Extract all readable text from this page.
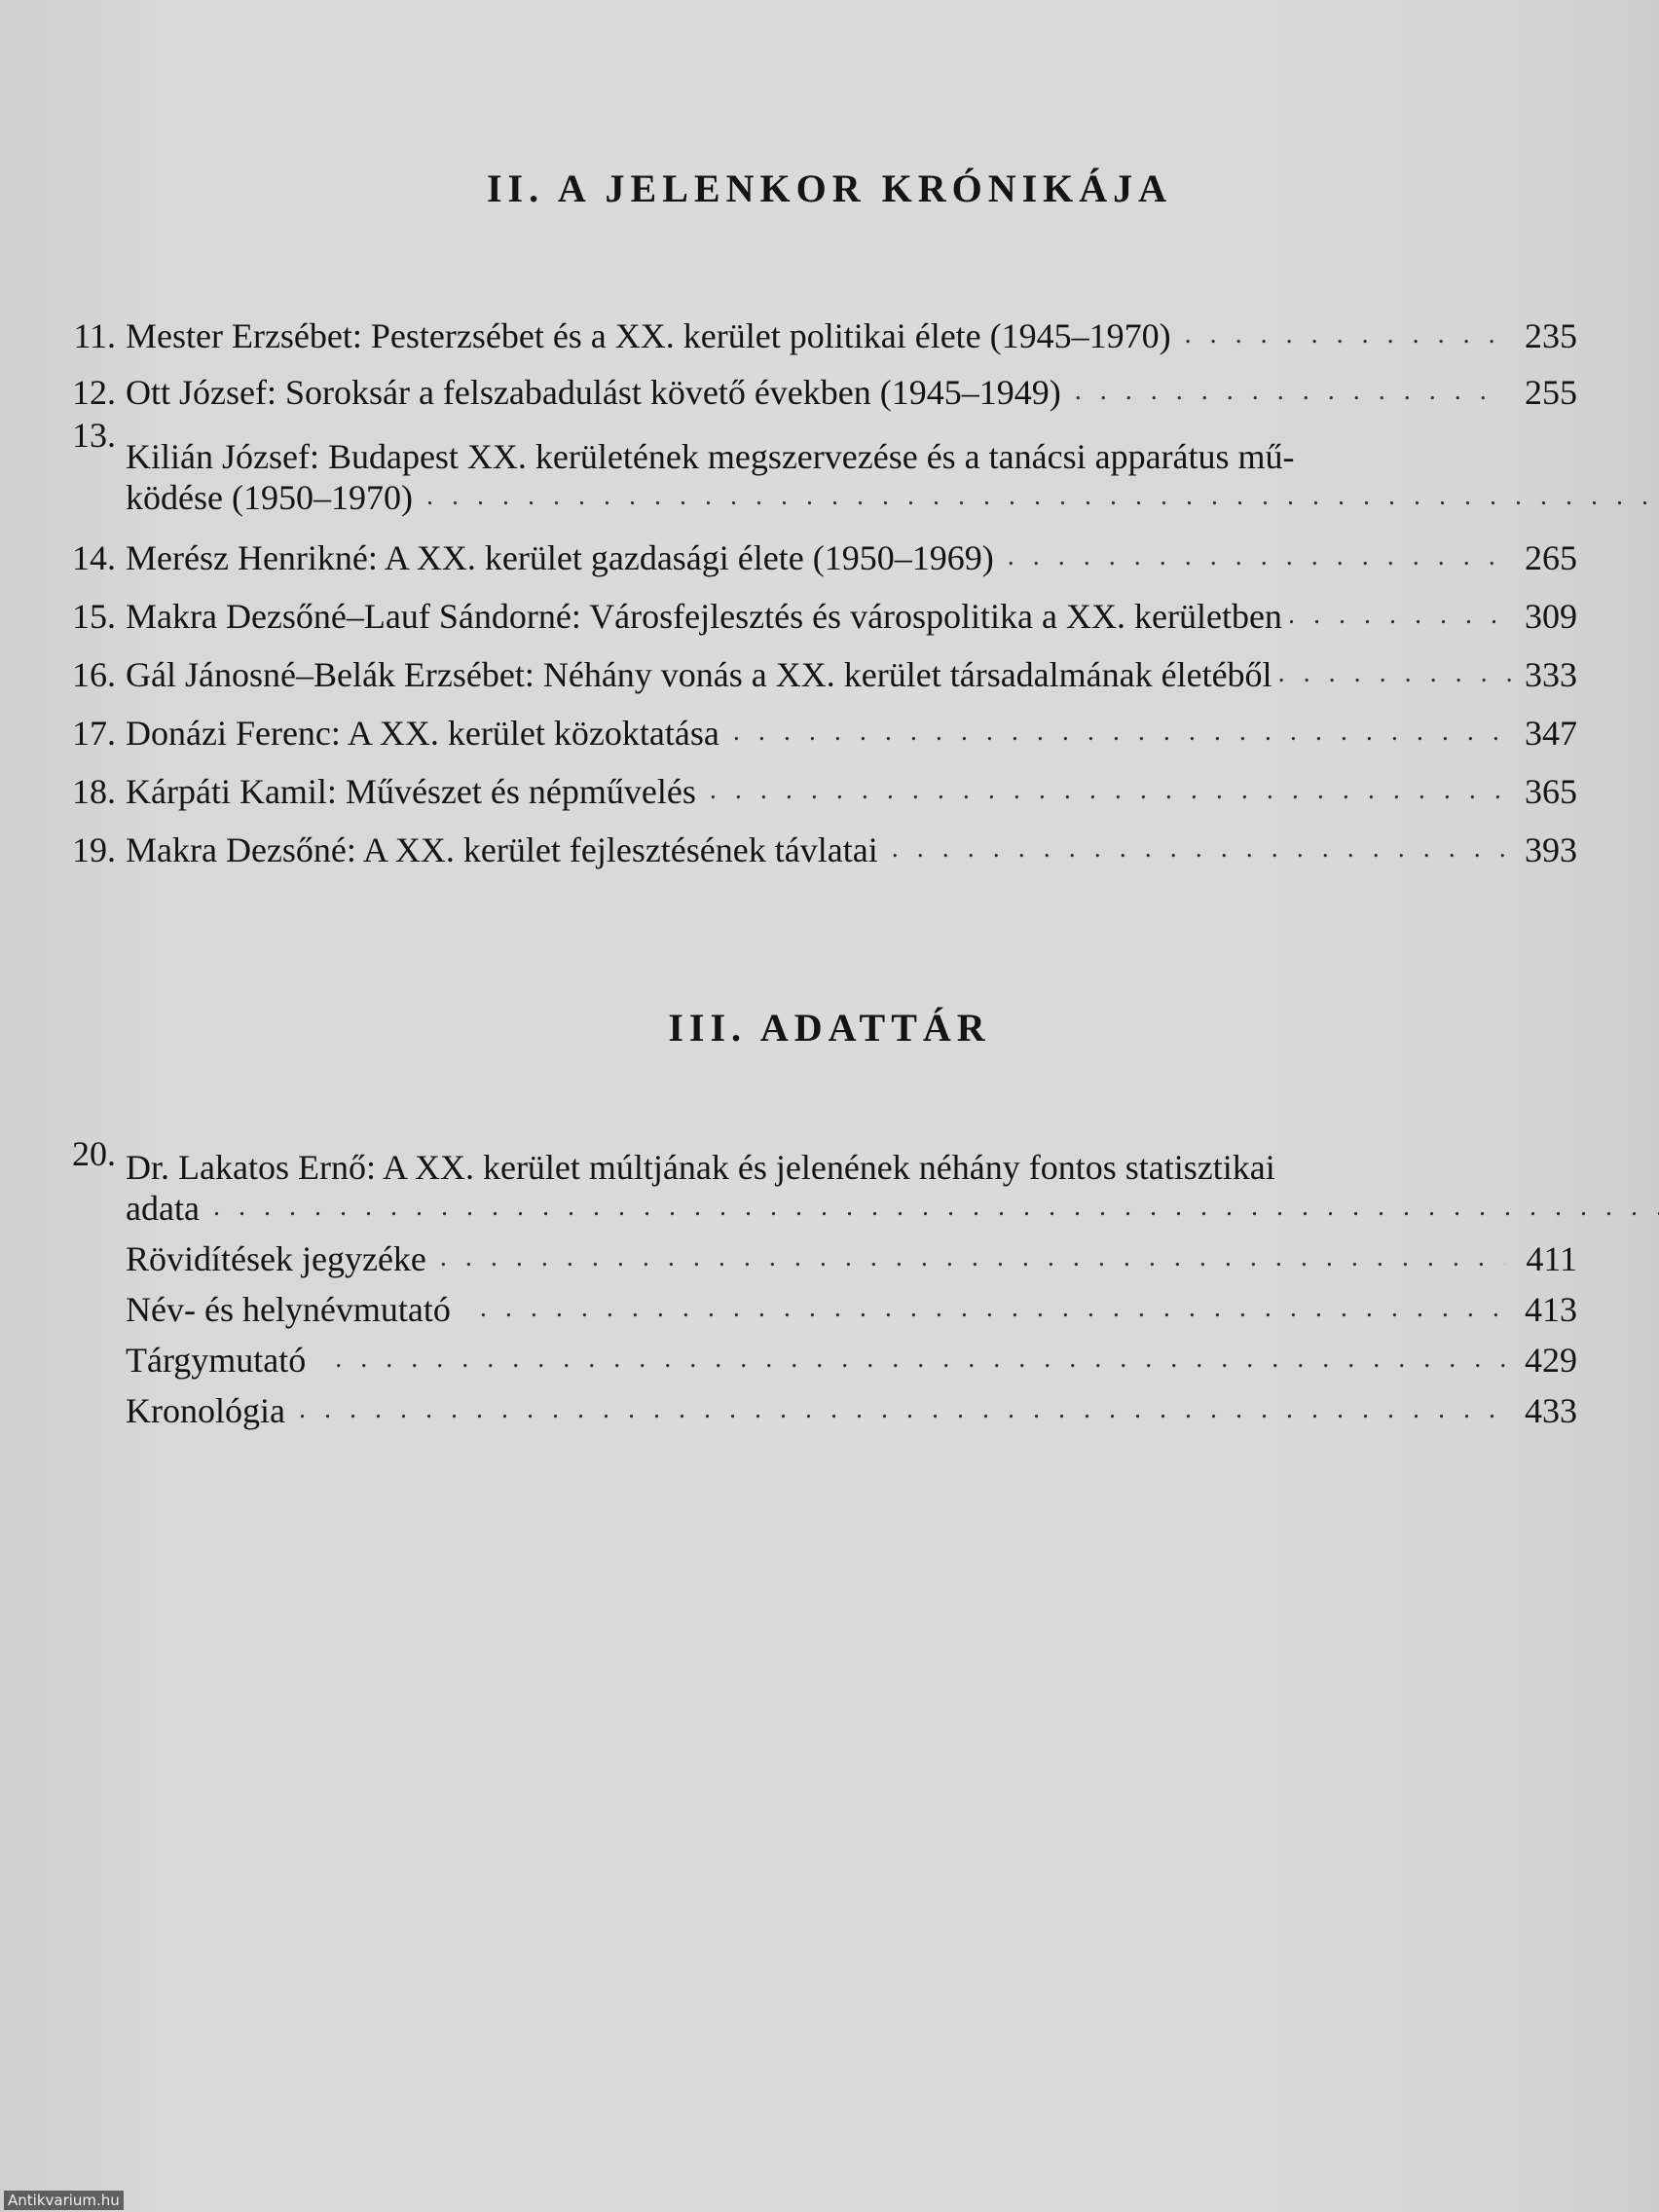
II. A JELENKOR KRÓNIKÁJA
11. Mester Erzsébet: Pesterzsébet és a XX. kerület politikai élete (1945–1970) . . .	235
12. Ott József: Soroksár a felszabadulást követő években (1945–1949) . . .	255
13.
Kilián József: Budapest XX. kerületének megszervezése és a tanácsi apparátus mű-
ködése (1950–1970)
. . .
14. Merész Henrikné: A XX. kerület gazdasági élete (1950–1969) . . .	265
15. Makra Dezsőné–Lauf Sándorné: Városfejlesztés és várospolitika a XX. kerületben . . .	309
16. Gál Jánosné–Belák Erzsébet: Néhány vonás a XX. kerület társadalmának életéből . . .	333
17. Donázi Ferenc: A XX. kerület közoktatása . . .	347
18. Kárpáti Kamil: Művészet és népművelés . . .	365
19. Makra Dezsőné: A XX. kerület fejlesztésének távlatai . . .	393
III. ADATTÁR
20. Dr. Lakatos Ernő: A XX. kerület múltjának és jelenének néhány fontos statisztikai
adata
. . .
Rövidítések jegyzéke . . .	411
Név- és helynévmutató . . .	413
Tárgymutató . . .	429
Kronológia . . .	433
Antikvarium.hu
